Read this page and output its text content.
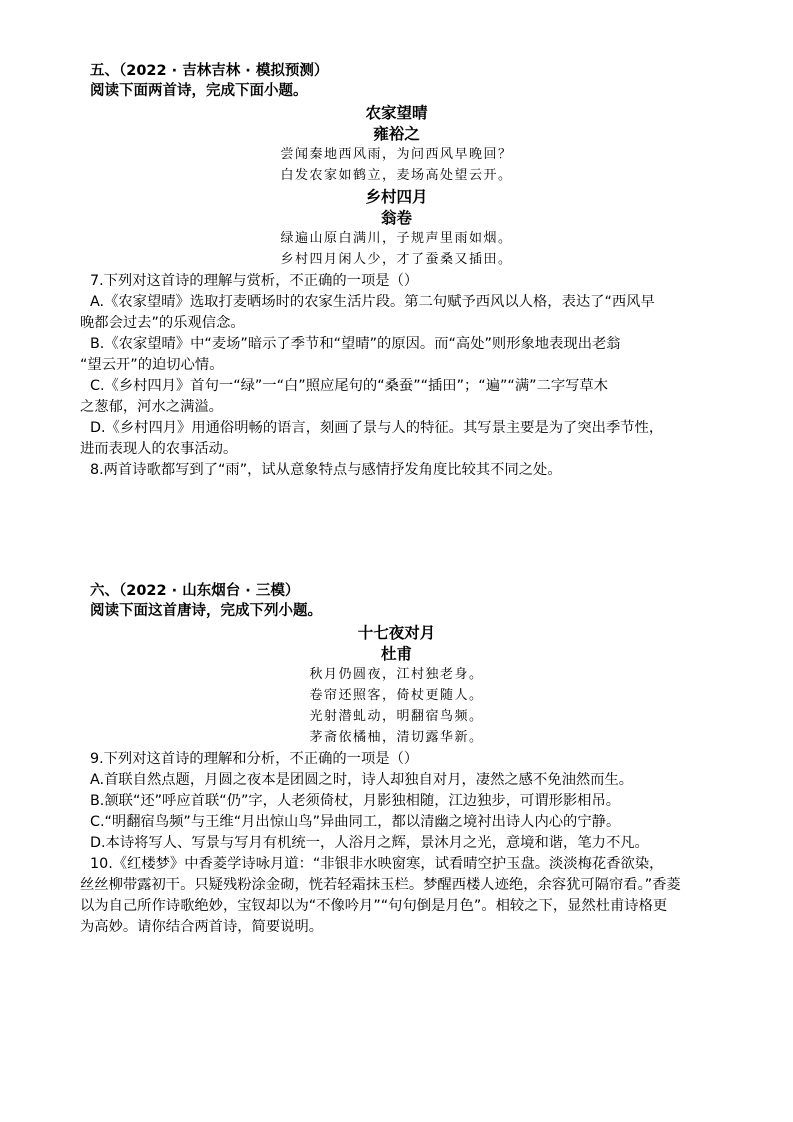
五、（2022 · 吉林吉林 · 模拟预测）
阅读下面两首诗，完成下面小题。
农家望晴
雍裕之
尝闻秦地西风雨，为问西风早晚回？
白发农家如鹤立，麦场高处望云开。
乡村四月
翁卷
绿遍山原白满川，子规声里雨如烟。
乡村四月闲人少，才了蚕桑又插田。
7.下列对这首诗的理解与赏析，不正确的一项是（）
A.《农家望晴》选取打麦晒场时的农家生活片段。第二句赋予西风以人格，表达了“西风早
晚都会过去”的乐观信念。
B.《农家望晴》中“麦场”暗示了季节和“望晴”的原因。而“高处”则形象地表现出老翁
“望云开”的迫切心情。
C.《乡村四月》首句一“绿”一“白”照应尾句的“桑蚕”“插田”；“遍”“满”二字写草木
之葱郁，河水之满溢。
D.《乡村四月》用通俗明畅的语言，刻画了景与人的特征。其写景主要是为了突出季节性，
进而表现人的农事活动。
8.两首诗歌都写到了“雨”，试从意象特点与感情抒发角度比较其不同之处。
六、（2022 · 山东烟台 · 三模）
阅读下面这首唐诗，完成下列小题。
十七夜对月
杜甫
秋月仍圆夜，江村独老身。
卷帘还照客，倚杖更随人。
光射潜虬动，明翻宿鸟频。
茅斋依橘柚，清切露华新。
9.下列对这首诗的理解和分析，不正确的一项是（）
A.首联自然点题，月圆之夜本是团圆之时，诗人却独自对月，凄然之感不免油然而生。
B.颔联“还”呼应首联“仍”字，人老须倚杖，月影独相随，江边独步，可谓形影相吊。
C.“明翻宿鸟频”与王维“月出惊山鸟”异曲同工，都以清幽之境衬出诗人内心的宁静。
D.本诗将写人、写景与写月有机统一，人浴月之辉，景沐月之光，意境和谐，笔力不凡。
10.《红楼梦》中香菱学诗咏月道：“非银非水映窗寒，试看晴空护玉盘。淡淡梅花香欲染，
丝丝柳带露初干。只疑残粉涂金砌，恍若轻霜抹玉栏。梦醒西楼人迹绝，余容犹可隔帘看。”香菱
以为自己所作诗歌绝妙，宝钗却以为“不像吟月”“句句倒是月色”。相较之下，显然杜甫诗格更
为高妙。请你结合两首诗，简要说明。
